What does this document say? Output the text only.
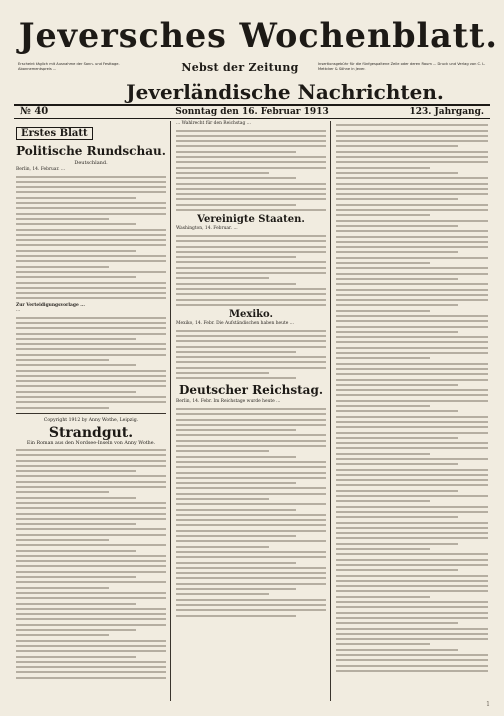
Jeversches Wochenblatt.
Erscheint täglich mit Ausnahme der Sonn- und Festtage. Abonnementspreis ...	Nebst der Zeitung	Insertionsgebühr für die fünfgespaltene Zeile oder deren Raum ... Druck und Verlag von C. L. Mettcker & Söhne in Jever.
Jeverländische Nachrichten.
№ 40	Sonntag den 16. Februar 1913	123. Jahrgang.
Erstes Blatt
Politische Rundschau.
Deutschland.

Berlin, 14. Februar. ...

Zur Verteidigungsvorlage ...

...

Copyright 1912 by Anny Wothe, Leipzig.
Strandgut.
Ein Roman aus den Nordsee-Inseln von Anny Wothe.

... Wahlrecht für den Reichstag ...

Vereinigte Staaten.

Washington, 14. Februar. ...

Mexiko.

Mexiko, 14. Febr. Die Aufständischen haben heute ...

Deutscher Reichstag.

Berlin, 14. Febr. Im Reichstage wurde heute ...

1
